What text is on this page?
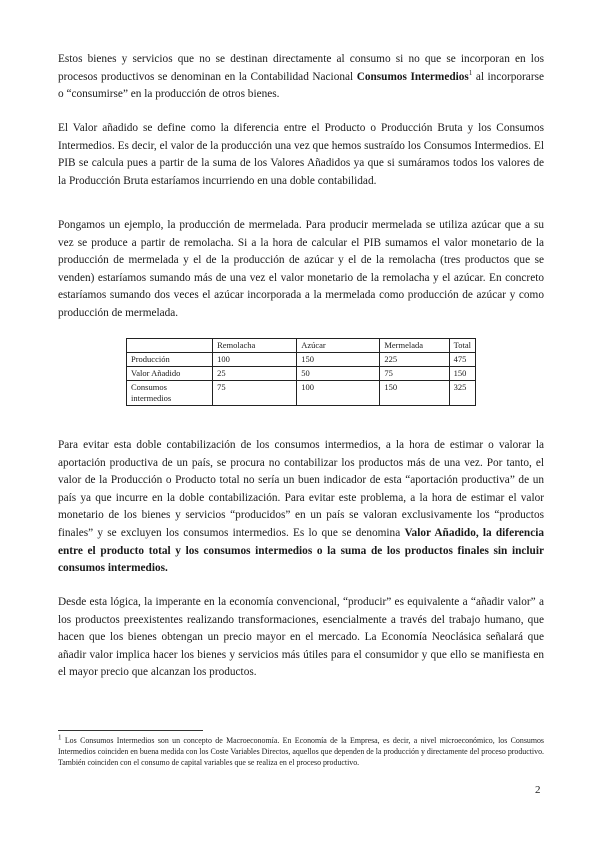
Estos bienes y servicios que no se destinan directamente al consumo si no que se incorporan en los procesos productivos se denominan en la Contabilidad Nacional Consumos Intermedios$^1$ al incorporarse o “consumirse” en la producción de otros bienes.

El Valor añadido se define como la diferencia entre el Producto o Producción Bruta y los Consumos Intermedios. Es decir, el valor de la producción una vez que hemos sustraído los Consumos Intermedios. El PIB se calcula pues a partir de la suma de los Valores Añadidos ya que si sumáramos todos los valores de la Producción Bruta estaríamos incurriendo en una doble contabilidad.

Pongamos un ejemplo, la producción de mermelada. Para producir mermelada se utiliza azúcar que a su vez se produce a partir de remolacha. Si a la hora de calcular el PIB sumamos el valor monetario de la producción de mermelada y el de la producción de azúcar y el de la remolacha (tres productos que se venden) estaríamos sumando más de una vez el valor monetario de la remolacha y el azúcar. En concreto estaríamos sumando dos veces el azúcar incorporada a la mermelada como producción de azúcar y como producción de mermelada.

	Remolacha	Azúcar	Mermelada	Total
Producción	100	150	225	475
Valor Añadido	25	50	75	150
Consumos intermedios	75	100	150	325

Para evitar esta doble contabilización de los consumos intermedios, a la hora de estimar o valorar la aportación productiva de un país, se procura no contabilizar los productos más de una vez. Por tanto, el valor de la Producción o Producto total no sería un buen indicador de esta “aportación productiva” de un país ya que incurre en la doble contabilización. Para evitar este problema, a la hora de estimar el valor monetario de los bienes y servicios “producidos” en un país se valoran exclusivamente los “productos finales” y se excluyen los consumos intermedios. Es lo que se denomina Valor Añadido, la diferencia entre el producto total y los consumos intermedios o la suma de los productos finales sin incluir consumos intermedios.

Desde esta lógica, la imperante en la economía convencional, “producir” es equivalente a “añadir valor” a los productos preexistentes realizando transformaciones, esencialmente a través del trabajo humano, que hacen que los bienes obtengan un precio mayor en el mercado. La Economía Neoclásica señalará que añadir valor implica hacer los bienes y servicios más útiles para el consumidor y que ello se manifiesta en el mayor precio que alcanzan los productos.

$^1$ Los Consumos Intermedios son un concepto de Macroeconomía. En Economía de la Empresa, es decir, a nivel microeconómico, los Consumos Intermedios coinciden en buena medida con los Coste Variables Directos, aquellos que dependen de la producción y directamente del proceso productivo. También coinciden con el consumo de capital variables que se realiza en el proceso productivo.

2
